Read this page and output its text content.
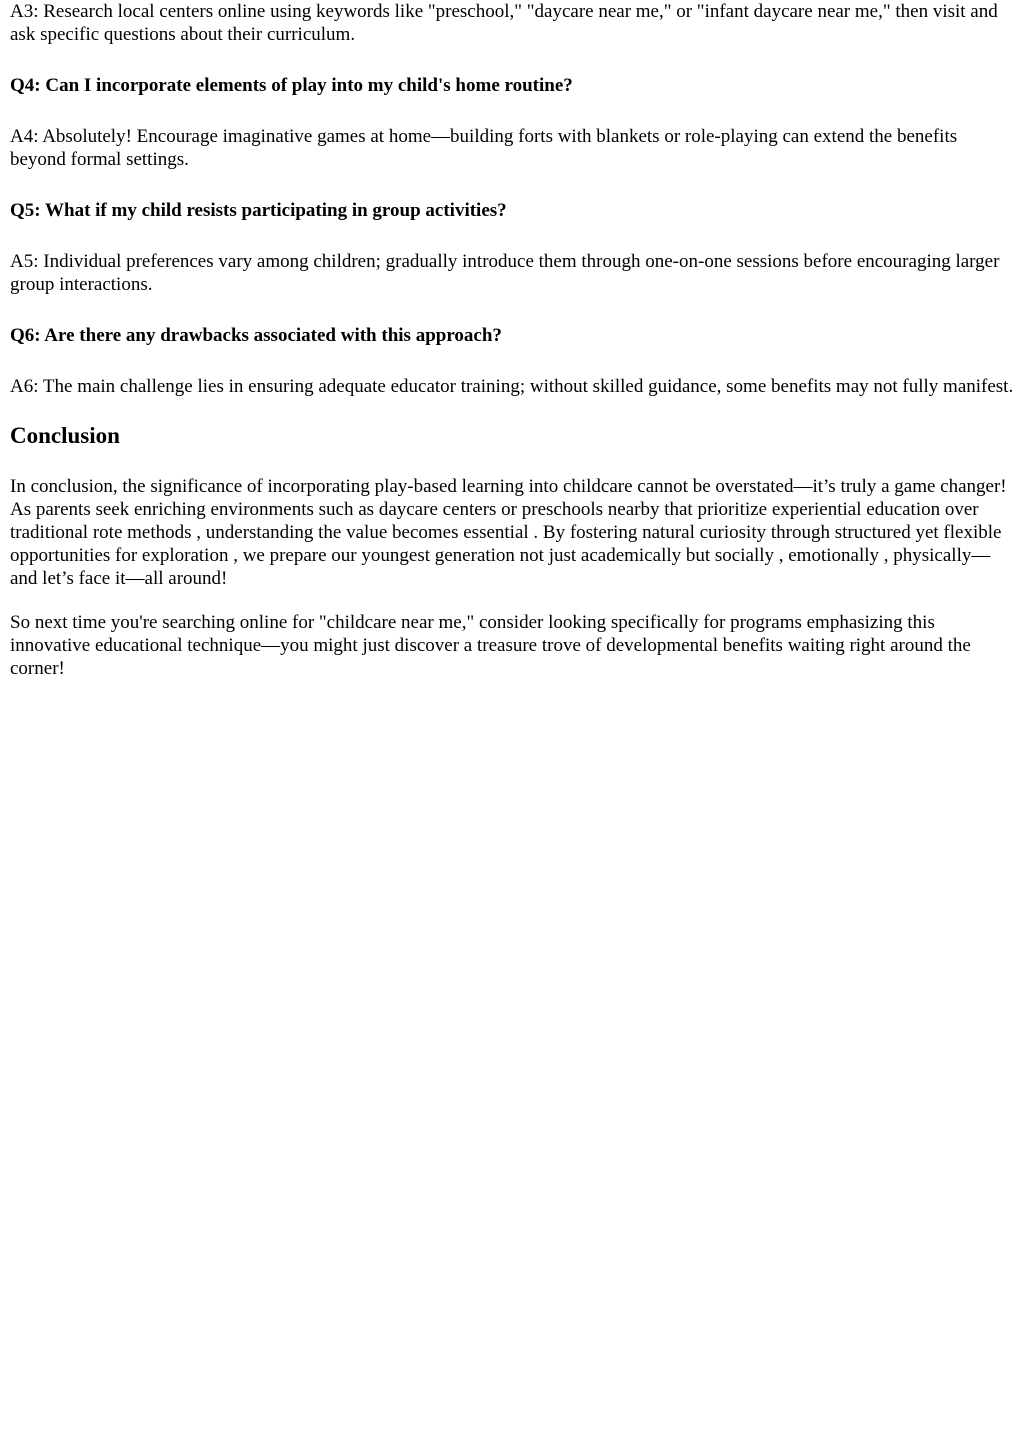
A3: Research local centers online using keywords like "preschool," "daycare near me," or "infant daycare near me," then visit and ask specific questions about their curriculum.

Q4: Can I incorporate elements of play into my child's home routine?

A4: Absolutely! Encourage imaginative games at home—building forts with blankets or role-playing can extend the benefits beyond formal settings.

Q5: What if my child resists participating in group activities?

A5: Individual preferences vary among children; gradually introduce them through one-on-one sessions before encouraging larger group interactions.

Q6: Are there any drawbacks associated with this approach?

A6: The main challenge lies in ensuring adequate educator training; without skilled guidance, some benefits may not fully manifest.

Conclusion

In conclusion, the significance of incorporating play-based learning into childcare cannot be overstated—it’s truly a game changer! As parents seek enriching environments such as daycare centers or preschools nearby that prioritize experiential education over traditional rote methods , understanding the value becomes essential . By fostering natural curiosity through structured yet flexible opportunities for exploration , we prepare our youngest generation not just academically but socially , emotionally , physically—and let’s face it—all around!

So next time you're searching online for "childcare near me," consider looking specifically for programs emphasizing this innovative educational technique—you might just discover a treasure trove of developmental benefits waiting right around the corner!
